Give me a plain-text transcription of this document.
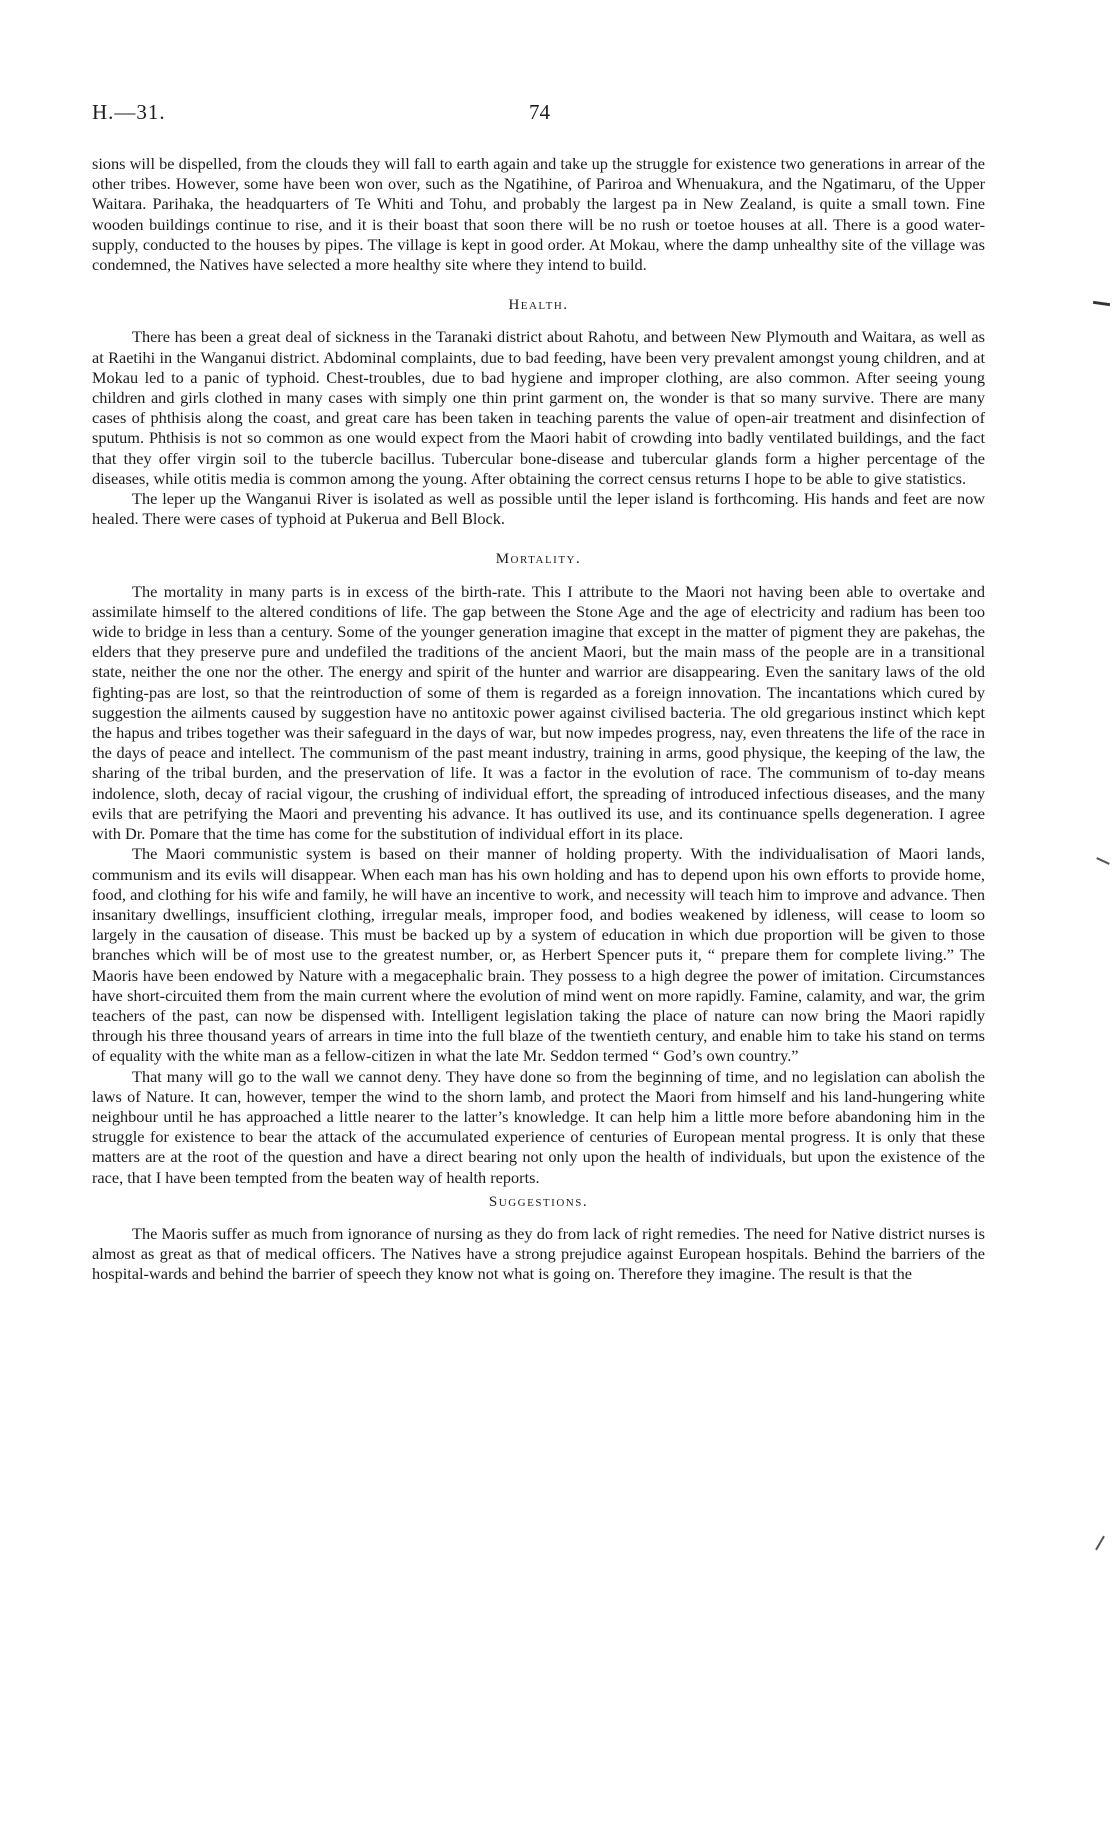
H.—31.	74

sions will be dispelled, from the clouds they will fall to earth again and take up the struggle for existence two generations in arrear of the other tribes. However, some have been won over, such as the Ngatihine, of Pariroa and Whenuakura, and the Ngatimaru, of the Upper Waitara. Parihaka, the headquarters of Te Whiti and Tohu, and probably the largest pa in New Zealand, is quite a small town. Fine wooden buildings continue to rise, and it is their boast that soon there will be no rush or toetoe houses at all. There is a good water-supply, conducted to the houses by pipes. The village is kept in good order. At Mokau, where the damp unhealthy site of the village was condemned, the Natives have selected a more healthy site where they intend to build.

Health.

There has been a great deal of sickness in the Taranaki district about Rahotu, and between New Plymouth and Waitara, as well as at Raetihi in the Wanganui district. Abdominal complaints, due to bad feeding, have been very prevalent amongst young children, and at Mokau led to a panic of typhoid. Chest-troubles, due to bad hygiene and improper clothing, are also common. After seeing young children and girls clothed in many cases with simply one thin print garment on, the wonder is that so many survive. There are many cases of phthisis along the coast, and great care has been taken in teaching parents the value of open-air treatment and disinfection of sputum. Phthisis is not so common as one would expect from the Maori habit of crowding into badly ventilated buildings, and the fact that they offer virgin soil to the tubercle bacillus. Tubercular bone-disease and tubercular glands form a higher percentage of the diseases, while otitis media is common among the young. After obtaining the correct census returns I hope to be able to give statistics.

The leper up the Wanganui River is isolated as well as possible until the leper island is forthcoming. His hands and feet are now healed. There were cases of typhoid at Pukerua and Bell Block.

Mortality.

The mortality in many parts is in excess of the birth-rate. This I attribute to the Maori not having been able to overtake and assimilate himself to the altered conditions of life. The gap between the Stone Age and the age of electricity and radium has been too wide to bridge in less than a century. Some of the younger generation imagine that except in the matter of pigment they are pakehas, the elders that they preserve pure and undefiled the traditions of the ancient Maori, but the main mass of the people are in a transitional state, neither the one nor the other. The energy and spirit of the hunter and warrior are disappearing. Even the sanitary laws of the old fighting-pas are lost, so that the reintroduction of some of them is regarded as a foreign innovation. The incantations which cured by suggestion the ailments caused by suggestion have no antitoxic power against civilised bacteria. The old gregarious instinct which kept the hapus and tribes together was their safeguard in the days of war, but now impedes progress, nay, even threatens the life of the race in the days of peace and intellect. The communism of the past meant industry, training in arms, good physique, the keeping of the law, the sharing of the tribal burden, and the preservation of life. It was a factor in the evolution of race. The communism of to-day means indolence, sloth, decay of racial vigour, the crushing of individual effort, the spreading of introduced infectious diseases, and the many evils that are petrifying the Maori and preventing his advance. It has outlived its use, and its continuance spells degeneration. I agree with Dr. Pomare that the time has come for the substitution of individual effort in its place.

The Maori communistic system is based on their manner of holding property. With the individualisation of Maori lands, communism and its evils will disappear. When each man has his own holding and has to depend upon his own efforts to provide home, food, and clothing for his wife and family, he will have an incentive to work, and necessity will teach him to improve and advance. Then insanitary dwellings, insufficient clothing, irregular meals, improper food, and bodies weakened by idleness, will cease to loom so largely in the causation of disease. This must be backed up by a system of education in which due proportion will be given to those branches which will be of most use to the greatest number, or, as Herbert Spencer puts it, “ prepare them for complete living.” The Maoris have been endowed by Nature with a megacephalic brain. They possess to a high degree the power of imitation. Circumstances have short-circuited them from the main current where the evolution of mind went on more rapidly. Famine, calamity, and war, the grim teachers of the past, can now be dispensed with. Intelligent legislation taking the place of nature can now bring the Maori rapidly through his three thousand years of arrears in time into the full blaze of the twentieth century, and enable him to take his stand on terms of equality with the white man as a fellow-citizen in what the late Mr. Seddon termed “ God’s own country.”

That many will go to the wall we cannot deny. They have done so from the beginning of time, and no legislation can abolish the laws of Nature. It can, however, temper the wind to the shorn lamb, and protect the Maori from himself and his land-hungering white neighbour until he has approached a little nearer to the latter’s knowledge. It can help him a little more before abandoning him in the struggle for existence to bear the attack of the accumulated experience of centuries of European mental progress. It is only that these matters are at the root of the question and have a direct bearing not only upon the health of individuals, but upon the existence of the race, that I have been tempted from the beaten way of health reports.

Suggestions.

The Maoris suffer as much from ignorance of nursing as they do from lack of right remedies. The need for Native district nurses is almost as great as that of medical officers. The Natives have a strong prejudice against European hospitals. Behind the barriers of the hospital-wards and behind the barrier of speech they know not what is going on. Therefore they imagine. The result is that the
